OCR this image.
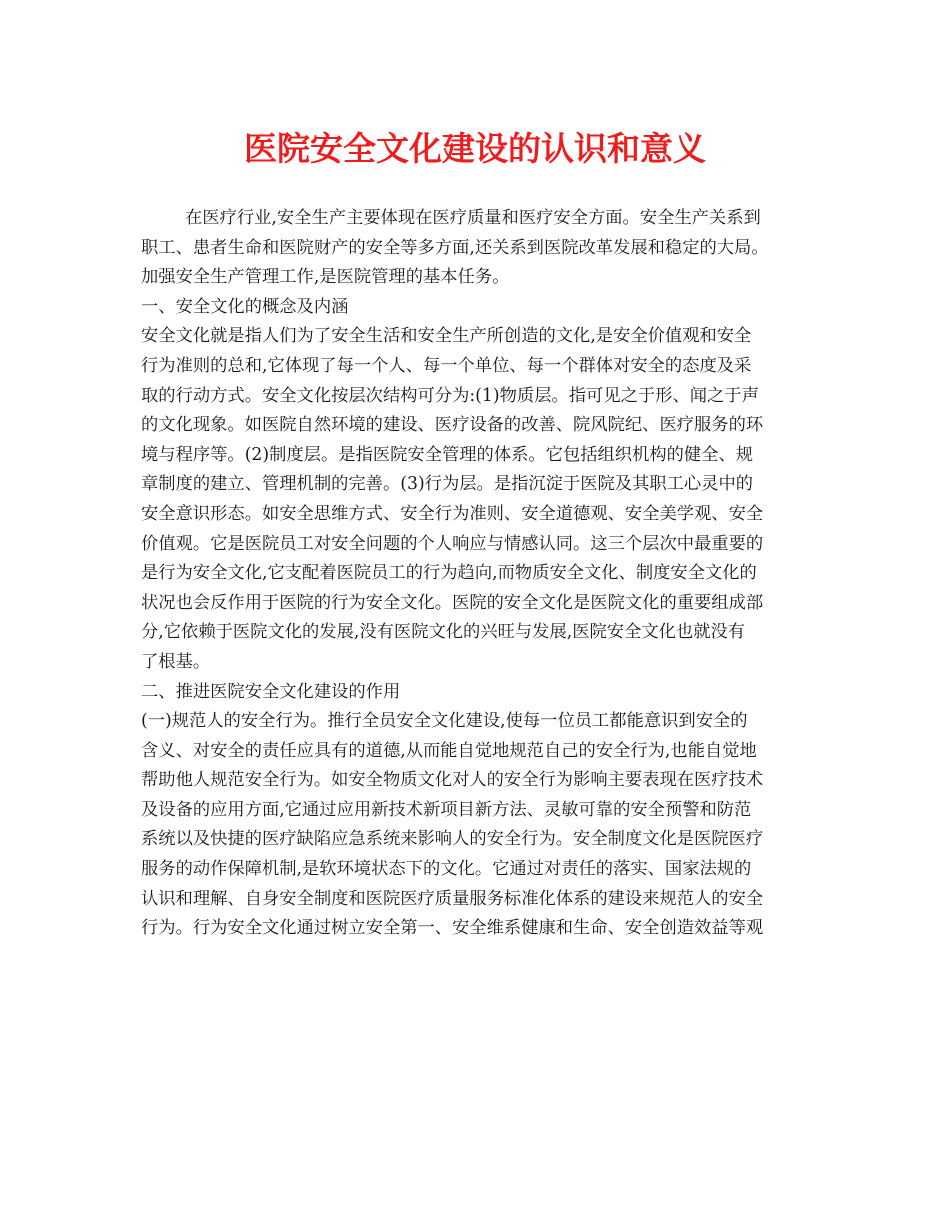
医院安全文化建设的认识和意义
在医疗行业,安全生产主要体现在医疗质量和医疗安全方面。安全生产关系到
职工、患者生命和医院财产的安全等多方面,还关系到医院改革发展和稳定的大局。
加强安全生产管理工作,是医院管理的基本任务。
一、安全文化的概念及内涵
安全文化就是指人们为了安全生活和安全生产所创造的文化,是安全价值观和安全
行为准则的总和,它体现了每一个人、每一个单位、每一个群体对安全的态度及采
取的行动方式。安全文化按层次结构可分为:(1)物质层。指可见之于形、闻之于声
的文化现象。如医院自然环境的建设、医疗设备的改善、院风院纪、医疗服务的环
境与程序等。(2)制度层。是指医院安全管理的体系。它包括组织机构的健全、规
章制度的建立、管理机制的完善。(3)行为层。是指沉淀于医院及其职工心灵中的
安全意识形态。如安全思维方式、安全行为准则、安全道德观、安全美学观、安全
价值观。它是医院员工对安全问题的个人响应与情感认同。这三个层次中最重要的
是行为安全文化,它支配着医院员工的行为趋向,而物质安全文化、制度安全文化的
状况也会反作用于医院的行为安全文化。医院的安全文化是医院文化的重要组成部
分,它依赖于医院文化的发展,没有医院文化的兴旺与发展,医院安全文化也就没有
了根基。
二、推进医院安全文化建设的作用
(一)规范人的安全行为。推行全员安全文化建设,使每一位员工都能意识到安全的
含义、对安全的责任应具有的道德,从而能自觉地规范自己的安全行为,也能自觉地
帮助他人规范安全行为。如安全物质文化对人的安全行为影响主要表现在医疗技术
及设备的应用方面,它通过应用新技术新项目新方法、灵敏可靠的安全预警和防范
系统以及快捷的医疗缺陷应急系统来影响人的安全行为。安全制度文化是医院医疗
服务的动作保障机制,是软环境状态下的文化。它通过对责任的落实、国家法规的
认识和理解、自身安全制度和医院医疗质量服务标准化体系的建设来规范人的安全
行为。行为安全文化通过树立安全第一、安全维系健康和生命、安全创造效益等观
